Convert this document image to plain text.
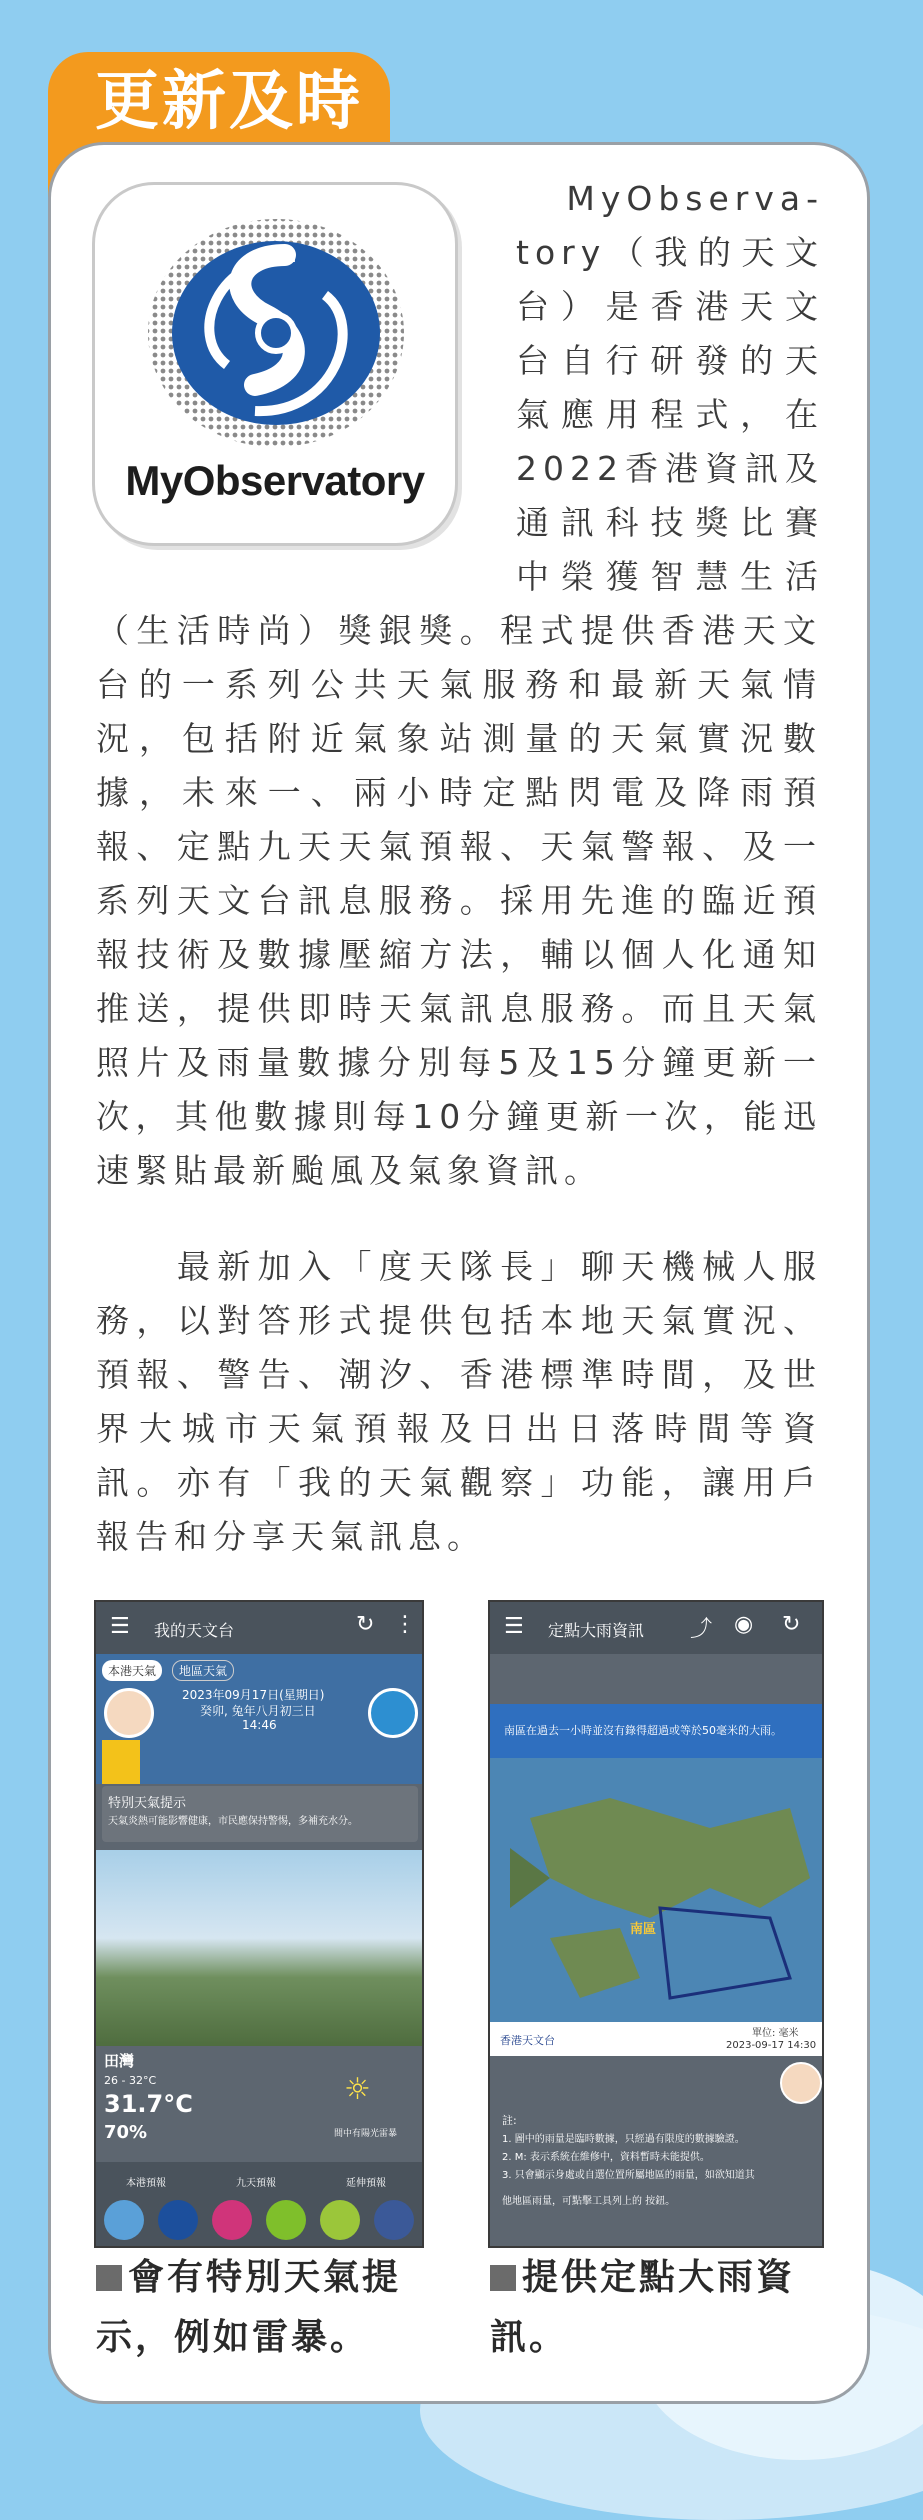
更新及時
MyObservatory
MyObserva-
tory（我的天文
台）是香港天文
台自行研發的天
氣應用程式，在
2022香港資訊及
通訊科技獎比賽
中榮獲智慧生活

（生活時尚）獎銀獎。程式提供香港天文台的一系列公共天氣服務和最新天氣情況，包括附近氣象站測量的天氣實況數據，未來一、兩小時定點閃電及降雨預報、定點九天天氣預報、天氣警報、及一系列天文台訊息服務。採用先進的臨近預報技術及數據壓縮方法，輔以個人化通知推送，提供即時天氣訊息服務。而且天氣照片及雨量數據分別每5及15分鐘更新一次，其他數據則每10分鐘更新一次，能迅速緊貼最新颱風及氣象資訊。

　　最新加入「度天隊長」聊天機械人服務，以對答形式提供包括本地天氣實況、預報、警告、潮汐、香港標準時間，及世界大城市天氣預報及日出日落時間等資訊。亦有「我的天氣觀察」功能，讓用戶報告和分享天氣訊息。

☰ 我的天文台	↻ ⋮
本港天氣	地區天氣
2023年09月17日(星期日)
癸卯, 兔年八月初三日
14:46
特別天氣提示
天氣炎熱可能影響健康，市民應保持警惕，多補充水分。
田灣
26 - 32°C
31.7°C
70%
☼
間中有陽光雷暴
本港預報	九天預報	延伸預報
☰ 定點大雨資訊 ⤴ ◉ ↻
南區在過去一小時並沒有錄得超過或等於50毫米的大雨。
南區
香港天文台
單位: 毫米
2023-09-17 14:30
註:
1. 圖中的雨量是臨時數據，只經過有限度的數據驗證。
2. M: 表示系統在維修中，資料暫時未能提供。
3. 只會顯示身處或自選位置所屬地區的雨量，如欲知道其
他地區雨量，可點擊工具列上的 按鈕。
會有特別天氣提
示，例如雷暴。
提供定點大雨資
訊。
